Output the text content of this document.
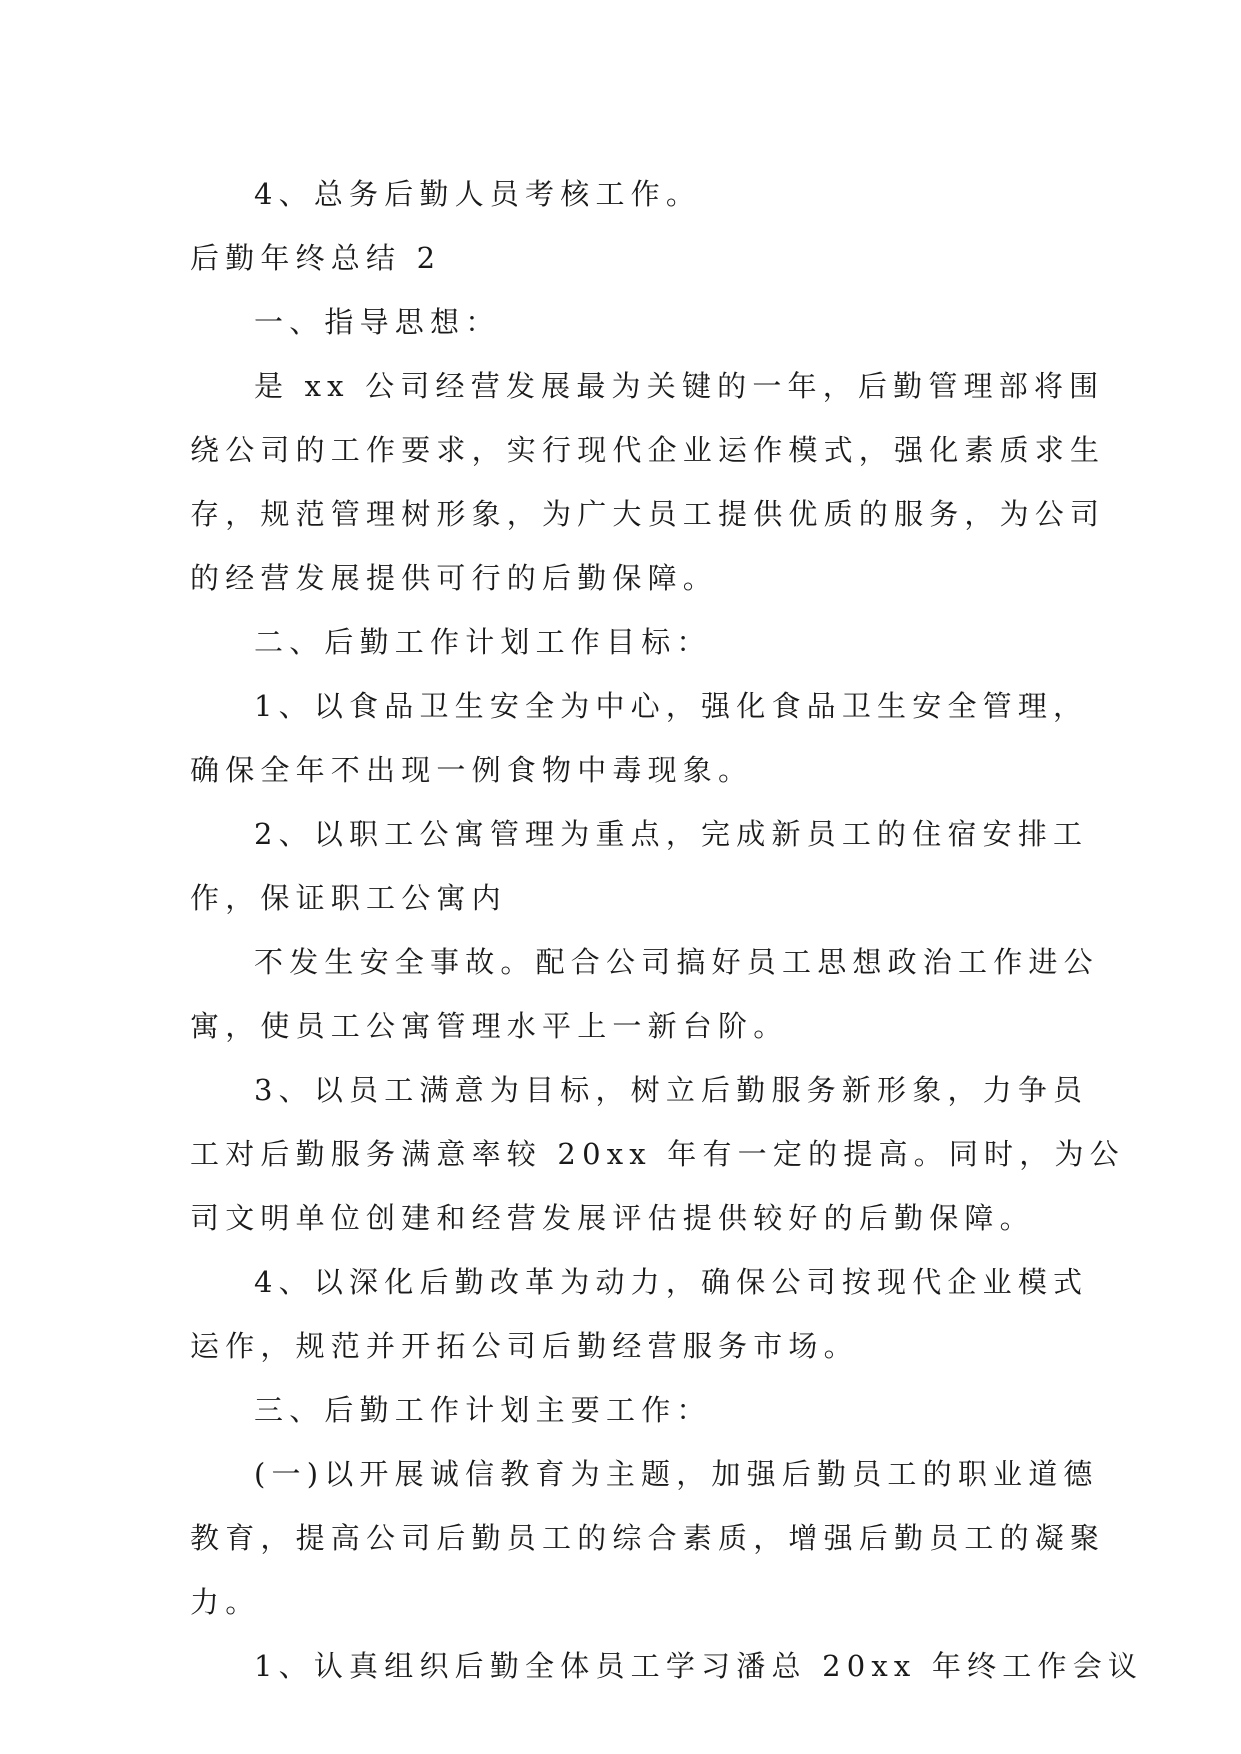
4、总务后勤人员考核工作。
后勤年终总结 2
一、指导思想：
是 xx 公司经营发展最为关键的一年，后勤管理部将围
绕公司的工作要求，实行现代企业运作模式，强化素质求生
存，规范管理树形象，为广大员工提供优质的服务，为公司
的经营发展提供可行的后勤保障。
二、后勤工作计划工作目标：
1、以食品卫生安全为中心，强化食品卫生安全管理，
确保全年不出现一例食物中毒现象。
2、以职工公寓管理为重点，完成新员工的住宿安排工
作，保证职工公寓内
不发生安全事故。配合公司搞好员工思想政治工作进公
寓，使员工公寓管理水平上一新台阶。
3、以员工满意为目标，树立后勤服务新形象，力争员
工对后勤服务满意率较 20xx 年有一定的提高。同时，为公
司文明单位创建和经营发展评估提供较好的后勤保障。
4、以深化后勤改革为动力，确保公司按现代企业模式
运作，规范并开拓公司后勤经营服务市场。
三、后勤工作计划主要工作：
(一)以开展诚信教育为主题，加强后勤员工的职业道德
教育，提高公司后勤员工的综合素质，增强后勤员工的凝聚
力。
1、认真组织后勤全体员工学习潘总 20xx 年终工作会议
